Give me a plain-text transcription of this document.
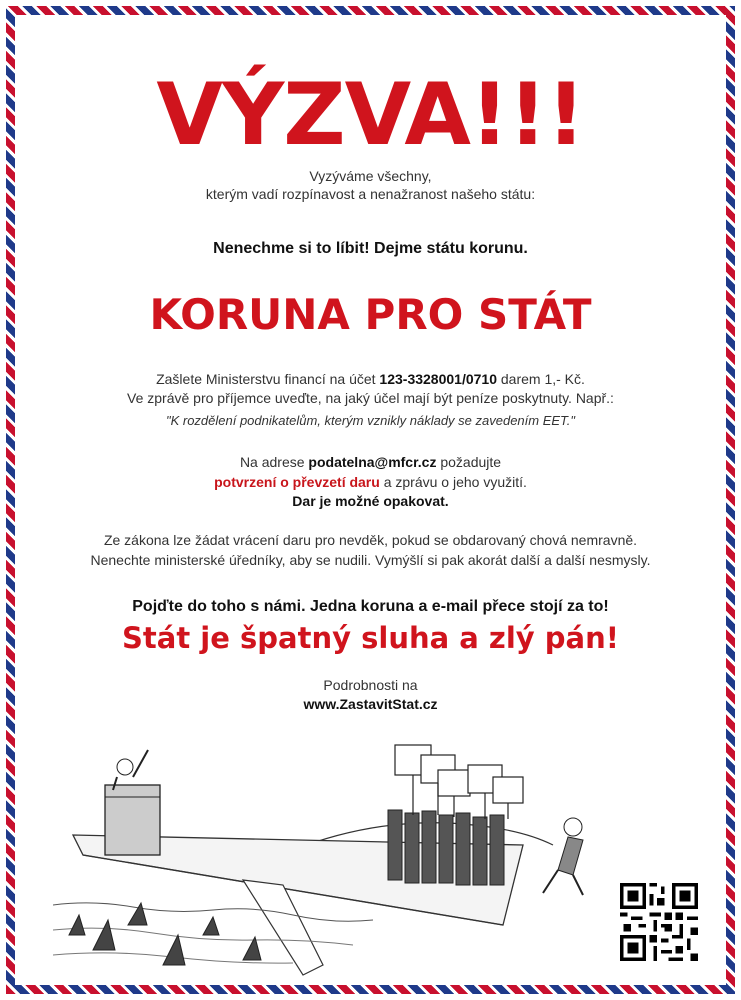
VÝZVA!!!

Vyzýváme všechny,

kterým vadí rozpínavost a nenažranost našeho státu:

Nenechme si to líbit! Dejme státu korunu.

KORUNA PRO STÁT

Zašlete Ministerstvu financí na účet 123-3328001/0710 darem 1,- Kč.

Ve zprávě pro příjemce uveďte, na jaký účel mají být peníze poskytnuty. Např.:

"K rozdělení podnikatelům, kterým vznikly náklady se zavedením EET."

Na adrese podatelna@mfcr.cz požadujte

potvrzení o převzetí daru a zprávu o jeho využití.

Dar je možné opakovat.

Ze zákona lze žádat vrácení daru pro nevděk, pokud se obdarovaný chová nemravně.

Nenechte ministerské úředníky, aby se nudili. Vymýšlí si pak akorát další a další nesmysly.

Pojďte do toho s námi. Jedna koruna a e-mail přece stojí za to!

Stát je špatný sluha a zlý pán!

Podrobnosti na

www.ZastavitStat.cz
